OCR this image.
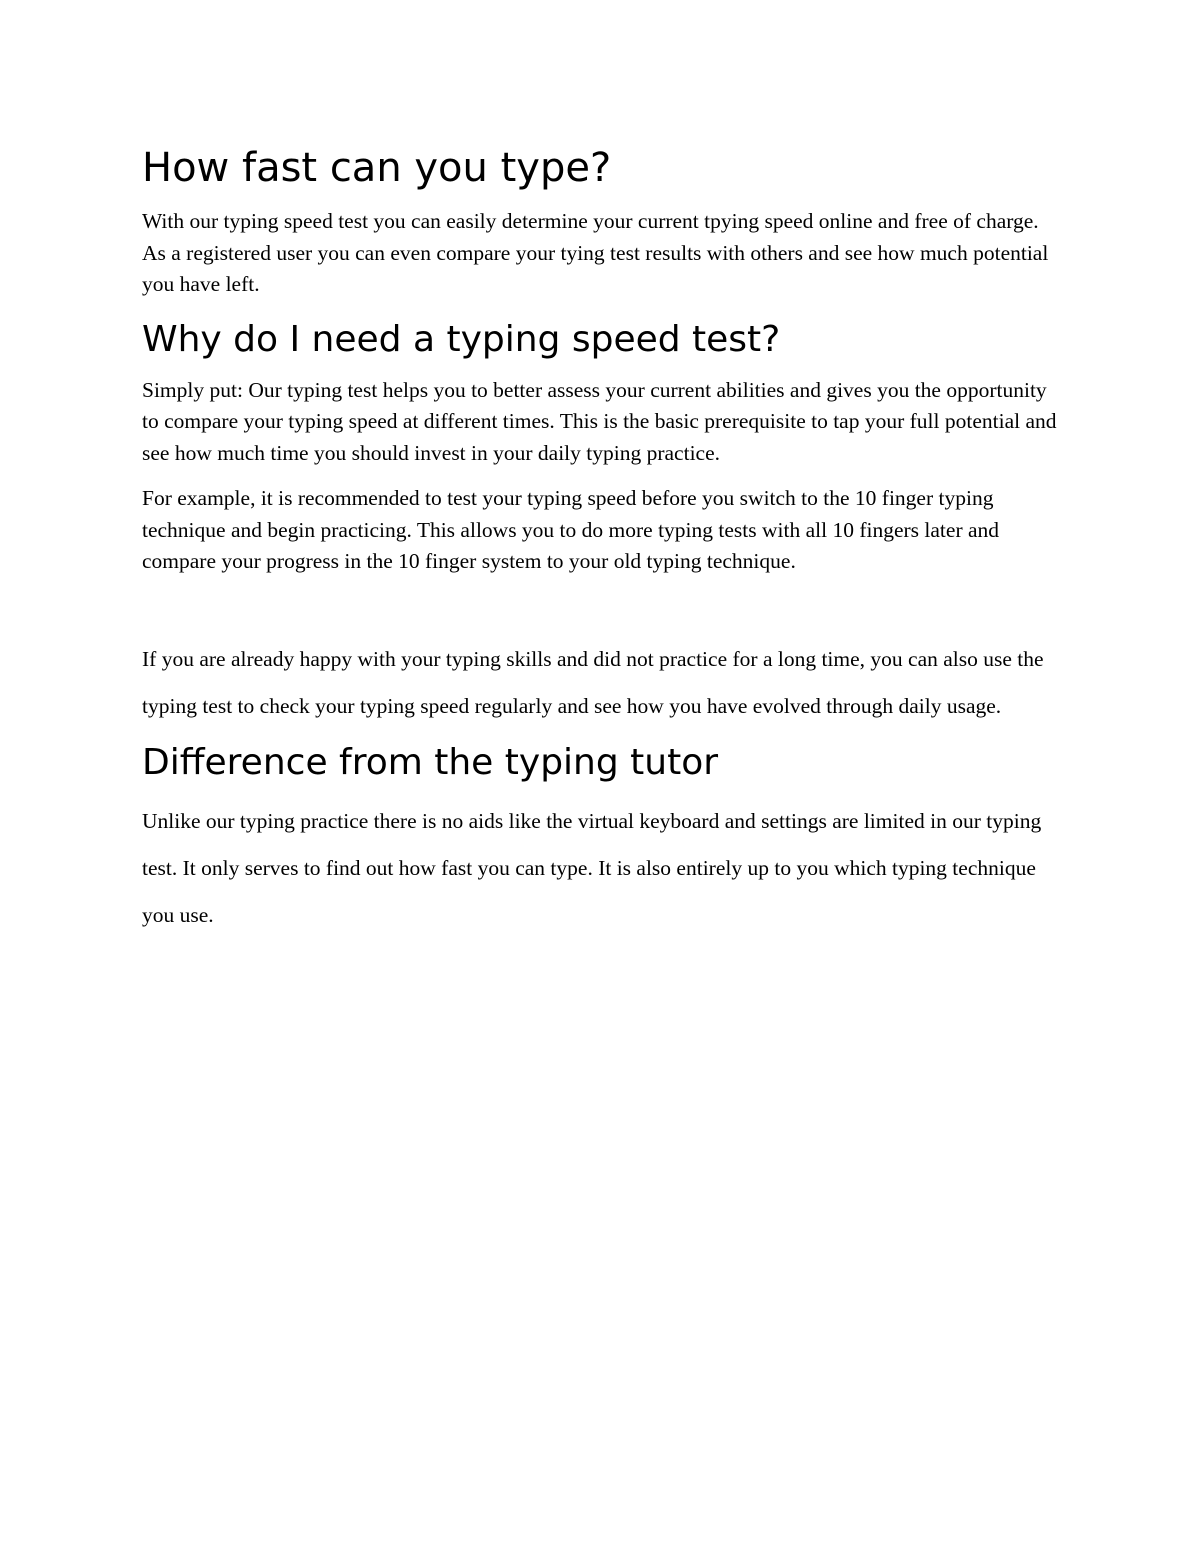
How fast can you type?

With our typing speed test you can easily determine your current tpying speed online and free of charge. As a registered user you can even compare your tying test results with others and see how much potential you have left.

Why do I need a typing speed test?

Simply put: Our typing test helps you to better assess your current abilities and gives you the opportunity to compare your typing speed at different times. This is the basic prerequisite to tap your full potential and see how much time you should invest in your daily typing practice.

For example, it is recommended to test your typing speed before you switch to the 10 finger typing technique and begin practicing. This allows you to do more typing tests with all 10 fingers later and compare your progress in the 10 finger system to your old typing technique.

If you are already happy with your typing skills and did not practice for a long time, you can also use the typing test to check your typing speed regularly and see how you have evolved through daily usage.

Difference from the typing tutor

Unlike our typing practice there is no aids like the virtual keyboard and settings are limited in our typing test. It only serves to find out how fast you can type. It is also entirely up to you which typing technique you use.
